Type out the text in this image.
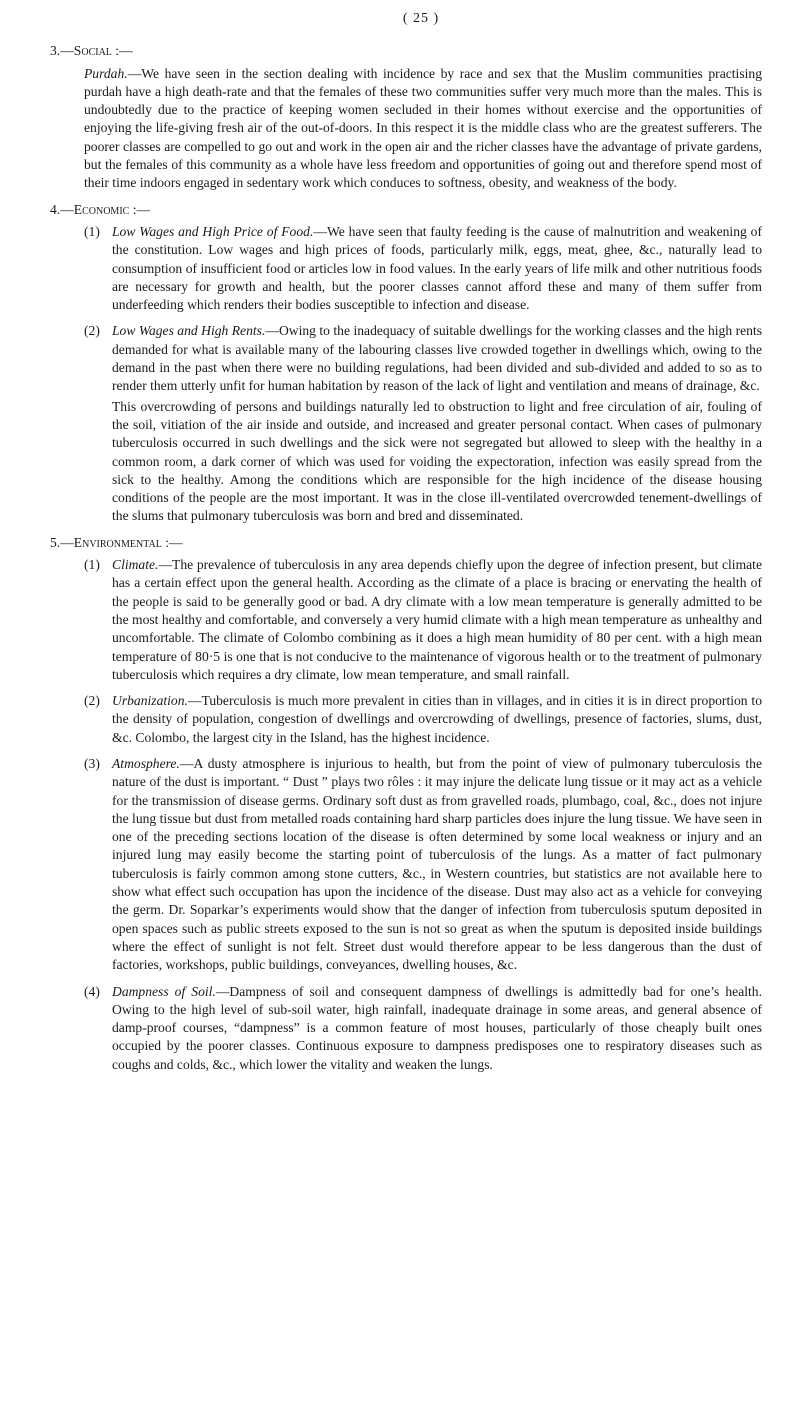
( 25 )
3.—Social :—

Purdah.—We have seen in the section dealing with incidence by race and sex that the Muslim communities practising purdah have a high death-rate and that the females of these two communities suffer very much more than the males. This is undoubtedly due to the practice of keeping women secluded in their homes without exercise and the opportunities of enjoying the life-giving fresh air of the out-of-doors. In this respect it is the middle class who are the greatest sufferers. The poorer classes are compelled to go out and work in the open air and the richer classes have the advantage of private gardens, but the females of this community as a whole have less freedom and opportunities of going out and therefore spend most of their time indoors engaged in sedentary work which conduces to softness, obesity, and weakness of the body.

4.—Economic :—
(1) Low Wages and High Price of Food.—We have seen that faulty feeding is the cause of malnutrition and weakening of the constitution. Low wages and high prices of foods, particularly milk, eggs, meat, ghee, &c., naturally lead to consumption of insufficient food or articles low in food values. In the early years of life milk and other nutritious foods are necessary for growth and health, but the poorer classes cannot afford these and many of them suffer from underfeeding which renders their bodies susceptible to infection and disease.

(2) Low Wages and High Rents.—Owing to the inadequacy of suitable dwellings for the working classes and the high rents demanded for what is available many of the labouring classes live crowded together in dwellings which, owing to the demand in the past when there were no building regulations, had been divided and sub-divided and added to so as to render them utterly unfit for human habitation by reason of the lack of light and ventilation and means of drainage, &c.

This overcrowding of persons and buildings naturally led to obstruction to light and free circulation of air, fouling of the soil, vitiation of the air inside and outside, and increased and greater personal contact. When cases of pulmonary tuberculosis occurred in such dwellings and the sick were not segregated but allowed to sleep with the healthy in a common room, a dark corner of which was used for voiding the expectoration, infection was easily spread from the sick to the healthy. Among the conditions which are responsible for the high incidence of the disease housing conditions of the people are the most important. It was in the close ill-ventilated overcrowded tenement-dwellings of the slums that pulmonary tuberculosis was born and bred and disseminated.

5.—Environmental :—
(1) Climate.—The prevalence of tuberculosis in any area depends chiefly upon the degree of infection present, but climate has a certain effect upon the general health. According as the climate of a place is bracing or enervating the health of the people is said to be generally good or bad. A dry climate with a low mean temperature is generally admitted to be the most healthy and comfortable, and conversely a very humid climate with a high mean temperature as unhealthy and uncomfortable. The climate of Colombo combining as it does a high mean humidity of 80 per cent. with a high mean temperature of 80·5 is one that is not conducive to the maintenance of vigorous health or to the treatment of pulmonary tuberculosis which requires a dry climate, low mean temperature, and small rainfall.

(2) Urbanization.—Tuberculosis is much more prevalent in cities than in villages, and in cities it is in direct proportion to the density of population, congestion of dwellings and overcrowding of dwellings, presence of factories, slums, dust, &c. Colombo, the largest city in the Island, has the highest incidence.

(3) Atmosphere.—A dusty atmosphere is injurious to health, but from the point of view of pulmonary tuberculosis the nature of the dust is important. “ Dust ” plays two rôles : it may injure the delicate lung tissue or it may act as a vehicle for the transmission of disease germs. Ordinary soft dust as from gravelled roads, plumbago, coal, &c., does not injure the lung tissue but dust from metalled roads containing hard sharp particles does injure the lung tissue. We have seen in one of the preceding sections location of the disease is often determined by some local weakness or injury and an injured lung may easily become the starting point of tuberculosis of the lungs. As a matter of fact pulmonary tuberculosis is fairly common among stone cutters, &c., in Western countries, but statistics are not available here to show what effect such occupation has upon the incidence of the disease. Dust may also act as a vehicle for conveying the germ. Dr. Soparkar’s experiments would show that the danger of infection from tuberculosis sputum deposited in open spaces such as public streets exposed to the sun is not so great as when the sputum is deposited inside buildings where the effect of sunlight is not felt. Street dust would therefore appear to be less dangerous than the dust of factories, workshops, public buildings, conveyances, dwelling houses, &c.

(4) Dampness of Soil.—Dampness of soil and consequent dampness of dwellings is admittedly bad for one’s health. Owing to the high level of sub-soil water, high rainfall, inadequate drainage in some areas, and general absence of damp-proof courses, “dampness” is a common feature of most houses, particularly of those cheaply built ones occupied by the poorer classes. Continuous exposure to dampness predisposes one to respiratory diseases such as coughs and colds, &c., which lower the vitality and weaken the lungs.
